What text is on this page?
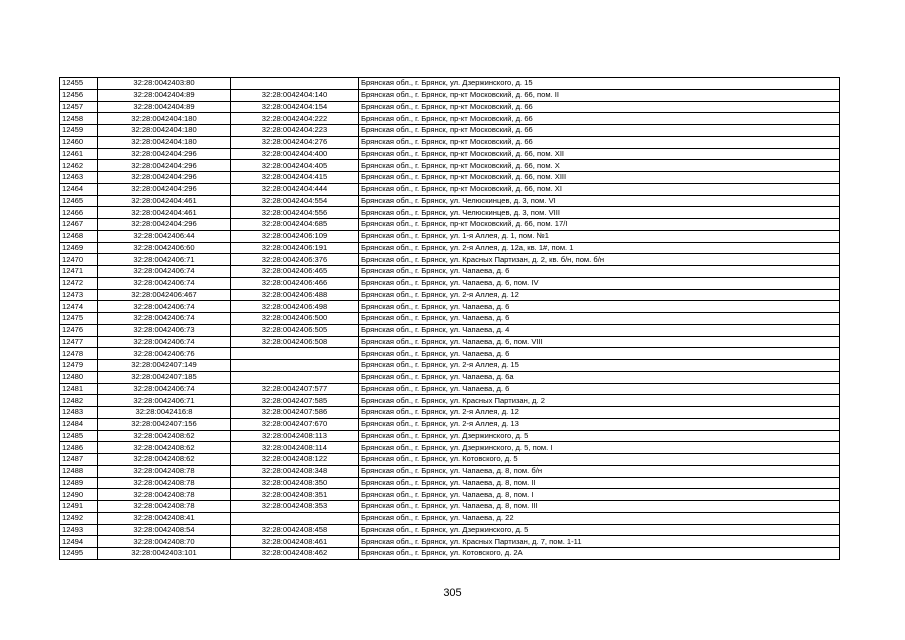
12455	32:28:0042403:80		Брянская обл., г. Брянск, ул. Дзержинского, д. 15
12456	32:28:0042404:89	32:28:0042404:140	Брянская обл., г. Брянск, пр-кт Московский, д. 66, пом. II
12457	32:28:0042404:89	32:28:0042404:154	Брянская обл., г. Брянск, пр-кт Московский, д. 66
12458	32:28:0042404:180	32:28:0042404:222	Брянская обл., г. Брянск, пр-кт Московский, д. 66
12459	32:28:0042404:180	32:28:0042404:223	Брянская обл., г. Брянск, пр-кт Московский, д. 66
12460	32:28:0042404:180	32:28:0042404:276	Брянская обл., г. Брянск, пр-кт Московский, д. 66
12461	32:28:0042404:296	32:28:0042404:400	Брянская обл., г. Брянск, пр-кт Московский, д. 66, пом. XII
12462	32:28:0042404:296	32:28:0042404:405	Брянская обл., г. Брянск, пр-кт Московский, д. 66, пом. X
12463	32:28:0042404:296	32:28:0042404:415	Брянская обл., г. Брянск, пр-кт Московский, д. 66, пом. XIII
12464	32:28:0042404:296	32:28:0042404:444	Брянская обл., г. Брянск, пр-кт Московский, д. 66, пом. XI
12465	32:28:0042404:461	32:28:0042404:554	Брянская обл., г. Брянск, ул. Челюскинцев, д. 3, пом. VI
12466	32:28:0042404:461	32:28:0042404:556	Брянская обл., г. Брянск, ул. Челюскинцев, д. 3, пом. VIII
12467	32:28:0042404:296	32:28:0042404:685	Брянская обл., г. Брянск, пр-кт Московский, д. 66, пом. 17/I
12468	32:28:0042406:44	32:28:0042406:109	Брянская обл., г. Брянск, ул. 1-я Аллея, д. 1, пом. №1
12469	32:28:0042406:60	32:28:0042406:191	Брянская обл., г. Брянск, ул. 2-я Аллея, д. 12а, кв. 1#, пом. 1
12470	32:28:0042406:71	32:28:0042406:376	Брянская обл., г. Брянск, ул. Красных Партизан, д. 2, кв. б/н, пом. б/н
12471	32:28:0042406:74	32:28:0042406:465	Брянская обл., г. Брянск, ул. Чапаева, д. 6
12472	32:28:0042406:74	32:28:0042406:466	Брянская обл., г. Брянск, ул. Чапаева, д. 6, пом. IV
12473	32:28:0042406:467	32:28:0042406:488	Брянская обл., г. Брянск, ул. 2-я Аллея, д. 12
12474	32:28:0042406:74	32:28:0042406:498	Брянская обл., г. Брянск, ул. Чапаева, д. 6
12475	32:28:0042406:74	32:28:0042406:500	Брянская обл., г. Брянск, ул. Чапаева, д. 6
12476	32:28:0042406:73	32:28:0042406:505	Брянская обл., г. Брянск, ул. Чапаева, д. 4
12477	32:28:0042406:74	32:28:0042406:508	Брянская обл., г. Брянск, ул. Чапаева, д. 6, пом. VIII
12478	32:28:0042406:76		Брянская обл., г. Брянск, ул. Чапаева, д. 6
12479	32:28:0042407:149		Брянская обл., г. Брянск, ул. 2-я Аллея, д. 15
12480	32:28:0042407:185		Брянская обл., г. Брянск, ул. Чапаева, д. 6а
12481	32:28:0042406:74	32:28:0042407:577	Брянская обл., г. Брянск, ул. Чапаева, д. 6
12482	32:28:0042406:71	32:28:0042407:585	Брянская обл., г. Брянск, ул. Красных Партизан, д. 2
12483	32:28:0042416:8	32:28:0042407:586	Брянская обл., г. Брянск, ул. 2-я Аллея, д. 12
12484	32:28:0042407:156	32:28:0042407:670	Брянская обл., г. Брянск, ул. 2-я Аллея, д. 13
12485	32:28:0042408:62	32:28:0042408:113	Брянская обл., г. Брянск, ул. Дзержинского, д. 5
12486	32:28:0042408:62	32:28:0042408:114	Брянская обл., г. Брянск, ул. Дзержинского, д. 5, пом. I
12487	32:28:0042408:62	32:28:0042408:122	Брянская обл., г. Брянск, ул. Котовского, д. 5
12488	32:28:0042408:78	32:28:0042408:348	Брянская обл., г. Брянск, ул. Чапаева, д. 8, пом. б/н
12489	32:28:0042408:78	32:28:0042408:350	Брянская обл., г. Брянск, ул. Чапаева, д. 8, пом. II
12490	32:28:0042408:78	32:28:0042408:351	Брянская обл., г. Брянск, ул. Чапаева, д. 8, пом. I
12491	32:28:0042408:78	32:28:0042408:353	Брянская обл., г. Брянск, ул. Чапаева, д. 8, пом. III
12492	32:28:0042408:41		Брянская обл., г. Брянск, ул. Чапаева, д. 22
12493	32:28:0042408:54	32:28:0042408:458	Брянская обл., г. Брянск, ул. Дзержинского, д. 5
12494	32:28:0042408:70	32:28:0042408:461	Брянская обл., г. Брянск, ул. Красных Партизан, д. 7, пом. 1-11
12495	32:28:0042403:101	32:28:0042408:462	Брянская обл., г. Брянск, ул. Котовского, д. 2А
305
